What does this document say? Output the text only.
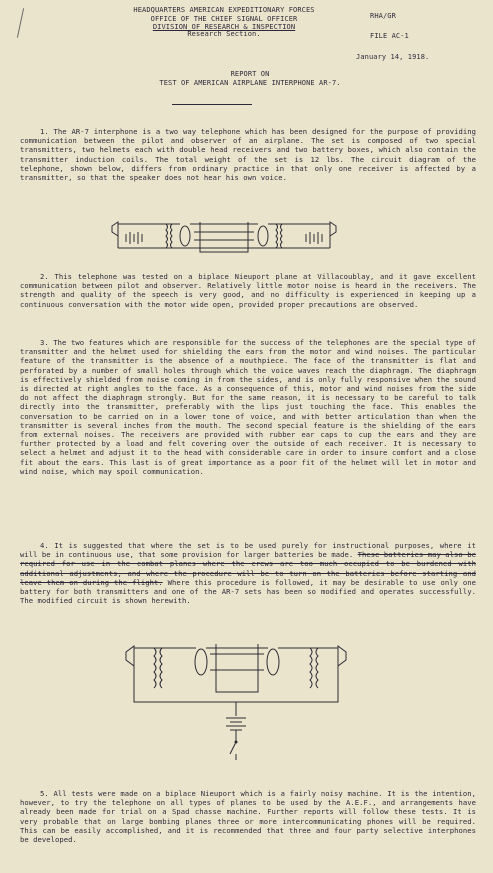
HEADQUARTERS AMERICAN EXPEDITIONARY FORCES
OFFICE OF THE CHIEF SIGNAL OFFICER
DIVISION OF RESEARCH & INSPECTION
Research Section.
RHA/GR
FILE AC-1
January 14, 1918.
REPORT ON
TEST OF AMERICAN AIRPLANE INTERPHONE AR-7.
1. The AR-7 interphone is a two way telephone which has been designed for the purpose of providing communication between the pilot and observer of an airplane. The set is composed of two special transmitters, two helmets each with double head receivers and two battery boxes, which also contain the transmitter induction coils. The total weight of the set is 12 lbs. The circuit diagram of the telephone, shown below, differs from ordinary practice in that only one receiver is affected by a transmitter, so that the speaker does not hear his own voice.
2. This telephone was tested on a biplace Nieuport plane at Villacoublay, and it gave excellent communication between pilot and observer. Relatively little motor noise is heard in the receivers. The strength and quality of the speech is very good, and no difficulty is experienced in keeping up a continuous conversation with the motor wide open, provided proper precautions are observed.
3. The two features which are responsible for the success of the telephones are the special type of transmitter and the helmet used for shielding the ears from the motor and wind noises. The particular feature of the transmitter is the absence of a mouthpiece. The face of the transmitter is flat and perforated by a number of small holes through which the voice waves reach the diaphragm. The diaphragm is effectively shielded from noise coming in from the sides, and is only fully responsive when the sound is directed at right angles to the face. As a consequence of this, motor and wind noises from the side do not affect the diaphragm strongly. But for the same reason, it is necessary to be careful to talk directly into the transmitter, preferably with the lips just touching the face. This enables the conversation to be carried on in a lower tone of voice, and with better articulation than when the transmitter is several inches from the mouth. The second special feature is the shielding of the ears from external noises. The receivers are provided with rubber ear caps to cup the ears and they are further protected by a load and felt covering over the outside of each receiver. It is necessary to select a helmet and adjust it to the head with considerable care in order to insure comfort and a close fit about the ears. This last is of great importance as a poor fit of the helmet will let in motor and wind noise, which may spoil communication.
4. It is suggested that where the set is to be used purely for instructional purposes, where it will be in continuous use, that some provision for larger batteries be made. These batteries may also be required for use in the combat planes where the crews are too much occupied to be burdened with additional adjustments, and where the procedure will be to turn on the batteries before starting and leave them on during the flight. Where this procedure is followed, it may be desirable to use only one battery for both transmitters and one of the AR-7 sets has been so modified and operates successfully. The modified circuit is shown herewith.
5. All tests were made on a biplace Nieuport which is a fairly noisy machine. It is the intention, however, to try the telephone on all types of planes to be used by the A.E.F., and arrangements have already been made for trial on a Spad chasse machine. Further reports will follow these tests. It is very probable that on large bombing planes three or more intercommunicating phones will be required. This can be easily accomplished, and it is recommended that three and four party selective interphones be developed.
